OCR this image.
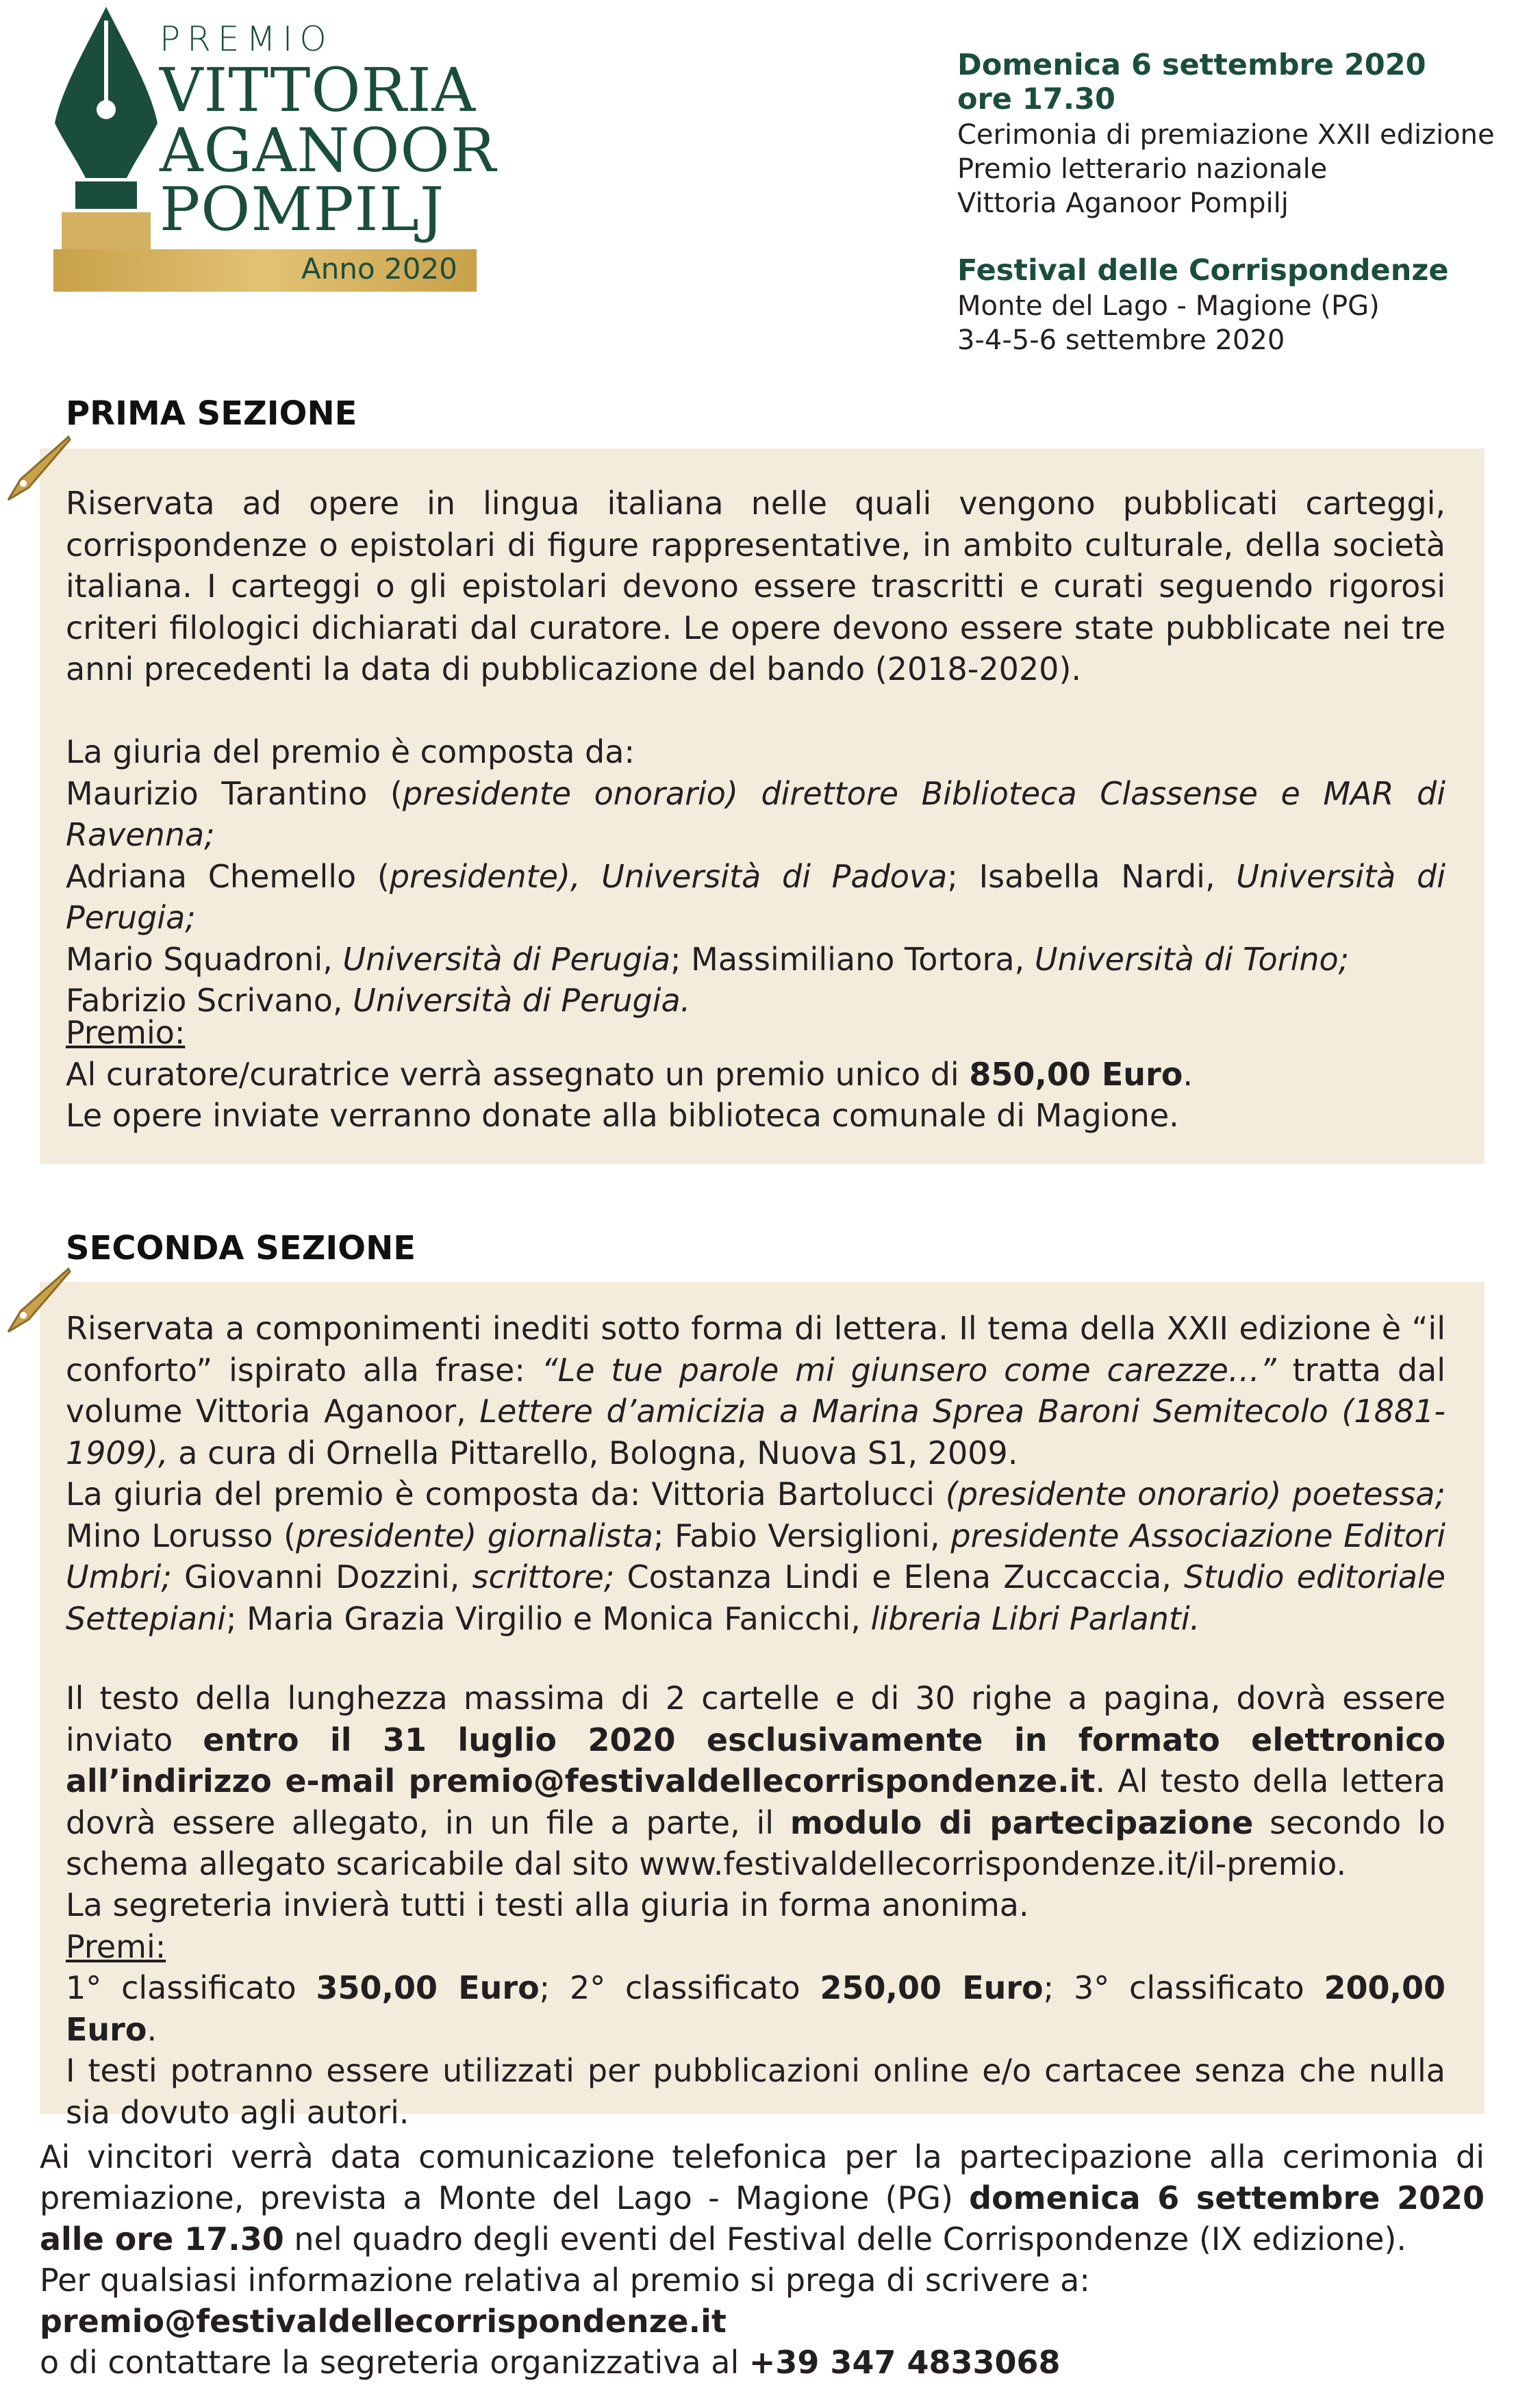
PREMIO
VITTORIA
AGANOOR
POMPILJ
Anno 2020
Domenica 6 settembre 2020
ore 17.30
Cerimonia di premiazione XXII edizione
Premio letterario nazionale
Vittoria Aganoor Pompilj
Festival delle Corrispondenze
Monte del Lago - Magione (PG)
3-4-5-6 settembre 2020
PRIMA SEZIONE
Riservata ad opere in lingua italiana nelle quali vengono pubblicati carteggi, corrispondenze o epistolari di figure rappresentative, in ambito culturale, della società italiana. I carteggi o gli epistolari devono essere trascritti e curati seguendo rigorosi criteri filologici dichiarati dal curatore. Le opere devono essere state pubblicate nei tre anni precedenti la data di pubblicazione del bando (2018-2020).
La giuria del premio è composta da:
Maurizio Tarantino (presidente onorario) direttore Biblioteca Classense e MAR di Ravenna;
Adriana Chemello (presidente), Università di Padova; Isabella Nardi, Università di Perugia;
Mario Squadroni, Università di Perugia; Massimiliano Tortora, Università di Torino;
Fabrizio Scrivano, Università di Perugia.
Premio:
Al curatore/curatrice verrà assegnato un premio unico di 850,00 Euro.
Le opere inviate verranno donate alla biblioteca comunale di Magione.
SECONDA SEZIONE
Riservata a componimenti inediti sotto forma di lettera. Il tema della XXII edizione è “il conforto” ispirato alla frase: “Le tue parole mi giunsero come carezze…” tratta dal volume Vittoria Aganoor, Lettere d’amicizia a Marina Sprea Baroni Semitecolo (1881-1909), a cura di Ornella Pittarello, Bologna, Nuova S1, 2009.
La giuria del premio è composta da: Vittoria Bartolucci (presidente onorario) poetessa; Mino Lorusso (presidente) giornalista; Fabio Versiglioni, presidente Associazione Editori Umbri; Giovanni Dozzini, scrittore; Costanza Lindi e Elena Zuccaccia, Studio editoriale Settepiani; Maria Grazia Virgilio e Monica Fanicchi, libreria Libri Parlanti.
Il testo della lunghezza massima di 2 cartelle e di 30 righe a pagina, dovrà essere inviato entro il 31 luglio 2020 esclusivamente in formato elettronico all’indirizzo e-mail premio@festivaldellecorrispondenze.it. Al testo della lettera dovrà essere allegato, in un file a parte, il modulo di partecipazione secondo lo schema allegato scaricabile dal sito www.festivaldellecorrispondenze.it/il-premio.
La segreteria invierà tutti i testi alla giuria in forma anonima.
Premi:
1° classificato 350,00 Euro; 2° classificato 250,00 Euro; 3° classificato 200,00 Euro.
I testi potranno essere utilizzati per pubblicazioni online e/o cartacee senza che nulla sia dovuto agli autori.
Ai vincitori verrà data comunicazione telefonica per la partecipazione alla cerimonia di premiazione, prevista a Monte del Lago - Magione (PG) domenica 6 settembre 2020 alle ore 17.30 nel quadro degli eventi del Festival delle Corrispondenze (IX edizione).
Per qualsiasi informazione relativa al premio si prega di scrivere a:
premio@festivaldellecorrispondenze.it
o di contattare la segreteria organizzativa al +39 347 4833068
